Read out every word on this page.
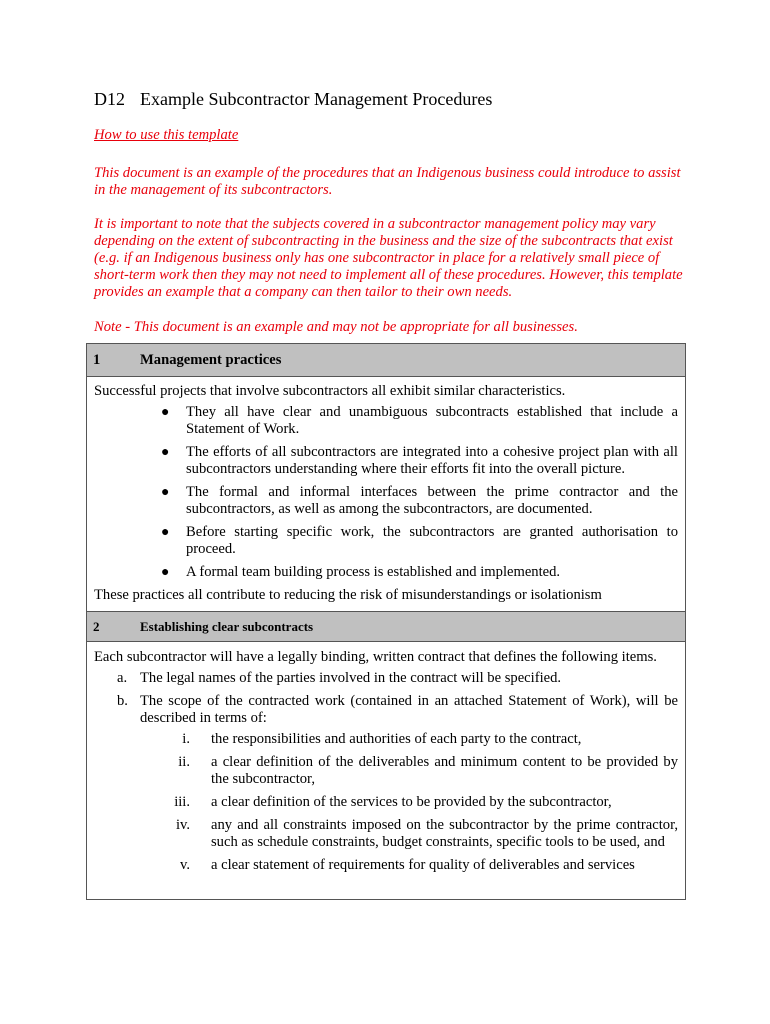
D12 Example Subcontractor Management Procedures
How to use this template

This document is an example of the procedures that an Indigenous business could introduce to assist in the management of its subcontractors.

It is important to note that the subjects covered in a subcontractor management policy may vary depending on the extent of subcontracting in the business and the size of the subcontracts that exist (e.g. if an Indigenous business only has one subcontractor in place for a relatively small piece of short-term work then they may not need to implement all of these procedures. However, this template provides an example that a company can then tailor to their own needs.

Note - This document is an example and may not be appropriate for all businesses.
1	Management practices

Successful projects that involve subcontractors all exhibit similar characteristics.

● They all have clear and unambiguous subcontracts established that include a Statement of Work.
● The efforts of all subcontractors are integrated into a cohesive project plan with all subcontractors understanding where their efforts fit into the overall picture.
● The formal and informal interfaces between the prime contractor and the subcontractors, as well as among the subcontractors, are documented.
● Before starting specific work, the subcontractors are granted authorisation to proceed.
● A formal team building process is established and implemented.

These practices all contribute to reducing the risk of misunderstandings or isolationism

2	Establishing clear subcontracts

Each subcontractor will have a legally binding, written contract that defines the following items.

a. The legal names of the parties involved in the contract will be specified.
b. The scope of the contracted work (contained in an attached Statement of Work), will be described in terms of:
i.	the responsibilities and authorities of each party to the contract,
ii.	a clear definition of the deliverables and minimum content to be provided by the subcontractor,
iii.	a clear definition of the services to be provided by the subcontractor,
iv.	any and all constraints imposed on the subcontractor by the prime contractor, such as schedule constraints, budget constraints, specific tools to be used, and
v.	a clear statement of requirements for quality of deliverables and services
